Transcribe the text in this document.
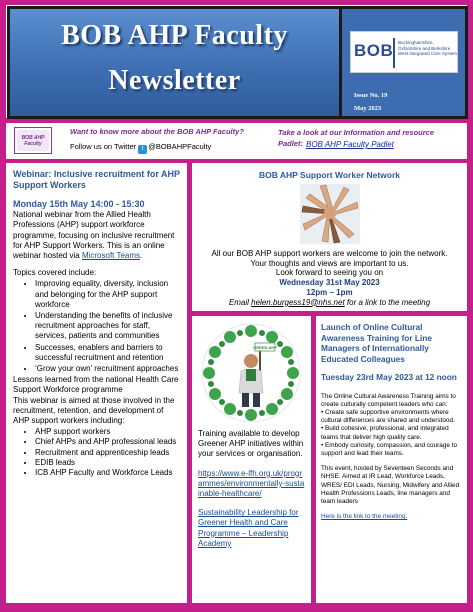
BOB AHP Faculty
Newsletter
BOB Buckinghamshire, Oxfordshire and Berkshire West Integrated Care System
Issue No. 19
May 2023
BOB AHP Faculty
Want to know more about the BOB AHP Faculty?
Follow us on Twitter t @BOBAHPFaculty
Take a look at our Information and resource
Padlet: BOB AHP Faculty Padlet
Webinar: Inclusive recruitment for AHP Support Workers
Monday 15th May 14:00 - 15:30

National webinar from the Allied Health Professions (AHP) support workforce programme, focusing on inclusive recruitment for AHP Support Workers. This is an online webinar hosted via Microsoft Teams.

Topics covered include:
• Improving equality, diversity, inclusion and belonging for the AHP support workforce
• Understanding the benefits of inclusive recruitment approaches for staff, services, patients and communities
• Successes, enablers and barriers to successful recruitment and retention
• ‘Grow your own’ recruitment approaches
Lessons learned from the national Health Care Support Workforce programme
This webinar is aimed at those involved in the recruitment, retention, and development of AHP support workers including:
• AHP support workers
• Chief AHPs and AHP professional leads
• Recruitment and apprenticeship leads
• EDIB leads
• ICB AHP Faculty and Workforce Leads
BOB AHP Support Worker Network
All our BOB AHP support workers are welcome to join the network.
Your thoughts and views are important to us.
Look forward to seeing you on
Wednesday 31st May 2023
12pm – 1pm
Email helen.burgess19@nhs.net for a link to the meeting
GREEN AHP

Training available to develop Greener AHP initiatives within your services or organisation.

https://www.e-lfh.org.uk/programmes/environmentally-sustainable-healthcare/

Sustainability Leadership for Greener Health and Care Programme – Leadership Academy

Launch of Online Cultural Awareness Training for Line Managers of Internationally Educated Colleagues
Tuesday 23rd May 2023 at 12 noon

The Online Cultural Awareness Training aims to create culturally competent leaders who can:
• Create safe supportive environments where cultural differences are shared and understood.
• Build cohesive, professional, and integrated teams that deliver high quality care.
• Embody curiosity, compassion, and courage to support and lead their teams.

This event, hosted by Seventeen Seconds and NHSE. Aimed at IR Lead, Workforce Leads, WRES/ EDI Leads, Nursing, Midwifery and Allied Health Professions Leads, line managers and team leaders

Here is the link to the meeting.
